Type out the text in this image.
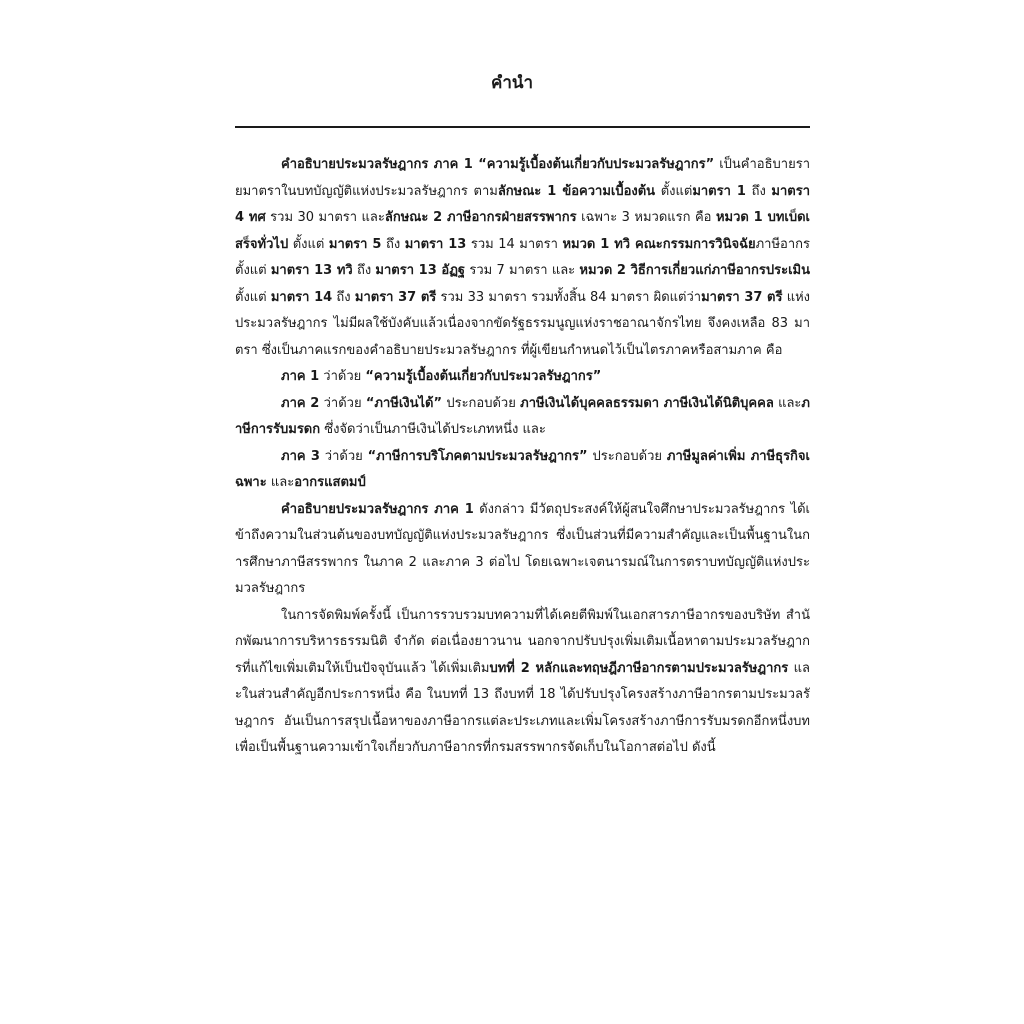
คำนำ

คำอธิบายประมวลรัษฎากร ภาค 1 “ความรู้เบื้องต้นเกี่ยวกับประมวลรัษฎากร” เป็นคำอธิบายรายมาตราในบทบัญญัติแห่งประมวลรัษฎากร ตามลักษณะ 1 ข้อความเบื้องต้น ตั้งแต่มาตรา 1 ถึง มาตรา 4 ทศ รวม 30 มาตรา และลักษณะ 2 ภาษีอากรฝ่ายสรรพากร เฉพาะ 3 หมวดแรก คือ หมวด 1 บทเบ็ดเสร็จทั่วไป ตั้งแต่ มาตรา 5 ถึง มาตรา 13 รวม 14 มาตรา หมวด 1 ทวิ คณะกรรมการวินิจฉัยภาษีอากร ตั้งแต่ มาตรา 13 ทวิ ถึง มาตรา 13 อัฏฐ รวม 7 มาตรา และ หมวด 2 วิธีการเกี่ยวแก่ภาษีอากรประเมิน ตั้งแต่ มาตรา 14 ถึง มาตรา 37 ตรี รวม 33 มาตรา รวมทั้งสิ้น 84 มาตรา ผิดแต่ว่ามาตรา 37 ตรี แห่งประมวลรัษฎากร ไม่มีผลใช้บังคับแล้วเนื่องจากขัดรัฐธรรมนูญแห่งราชอาณาจักรไทย จึงคงเหลือ 83 มาตรา ซึ่งเป็นภาคแรกของคำอธิบายประมวลรัษฎากร ที่ผู้เขียนกำหนดไว้เป็นไตรภาคหรือสามภาค คือ

ภาค 1 ว่าด้วย “ความรู้เบื้องต้นเกี่ยวกับประมวลรัษฎากร”

ภาค 2 ว่าด้วย “ภาษีเงินได้” ประกอบด้วย ภาษีเงินได้บุคคลธรรมดา ภาษีเงินได้นิติบุคคล และภาษีการรับมรดก ซึ่งจัดว่าเป็นภาษีเงินได้ประเภทหนึ่ง และ

ภาค 3 ว่าด้วย “ภาษีการบริโภคตามประมวลรัษฎากร” ประกอบด้วย ภาษีมูลค่าเพิ่ม ภาษีธุรกิจเฉพาะ และอากรแสตมป์

คำอธิบายประมวลรัษฎากร ภาค 1 ดังกล่าว มีวัตถุประสงค์ให้ผู้สนใจศึกษาประมวลรัษฎากร ได้เข้าถึงความในส่วนต้นของบทบัญญัติแห่งประมวลรัษฎากร ซึ่งเป็นส่วนที่มีความสำคัญและเป็นพื้นฐานในการศึกษาภาษีสรรพากร ในภาค 2 และภาค 3 ต่อไป โดยเฉพาะเจตนารมณ์ในการตราบทบัญญัติแห่งประมวลรัษฎากร

ในการจัดพิมพ์ครั้งนี้ เป็นการรวบรวมบทความที่ได้เคยตีพิมพ์ในเอกสารภาษีอากรของบริษัท สำนักพัฒนาการบริหารธรรมนิติ จำกัด ต่อเนื่องยาวนาน นอกจากปรับปรุงเพิ่มเติมเนื้อหาตามประมวลรัษฎากรที่แก้ไขเพิ่มเติมให้เป็นปัจจุบันแล้ว ได้เพิ่มเติมบทที่ 2 หลักและทฤษฎีภาษีอากรตามประมวลรัษฎากร และในส่วนสำคัญอีกประการหนึ่ง คือ ในบทที่ 13 ถึงบทที่ 18 ได้ปรับปรุงโครงสร้างภาษีอากรตามประมวลรัษฎากร อันเป็นการสรุปเนื้อหาของภาษีอากรแต่ละประเภทและเพิ่มโครงสร้างภาษีการรับมรดกอีกหนึ่งบท เพื่อเป็นพื้นฐานความเข้าใจเกี่ยวกับภาษีอากรที่กรมสรรพากรจัดเก็บในโอกาสต่อไป ดังนี้
